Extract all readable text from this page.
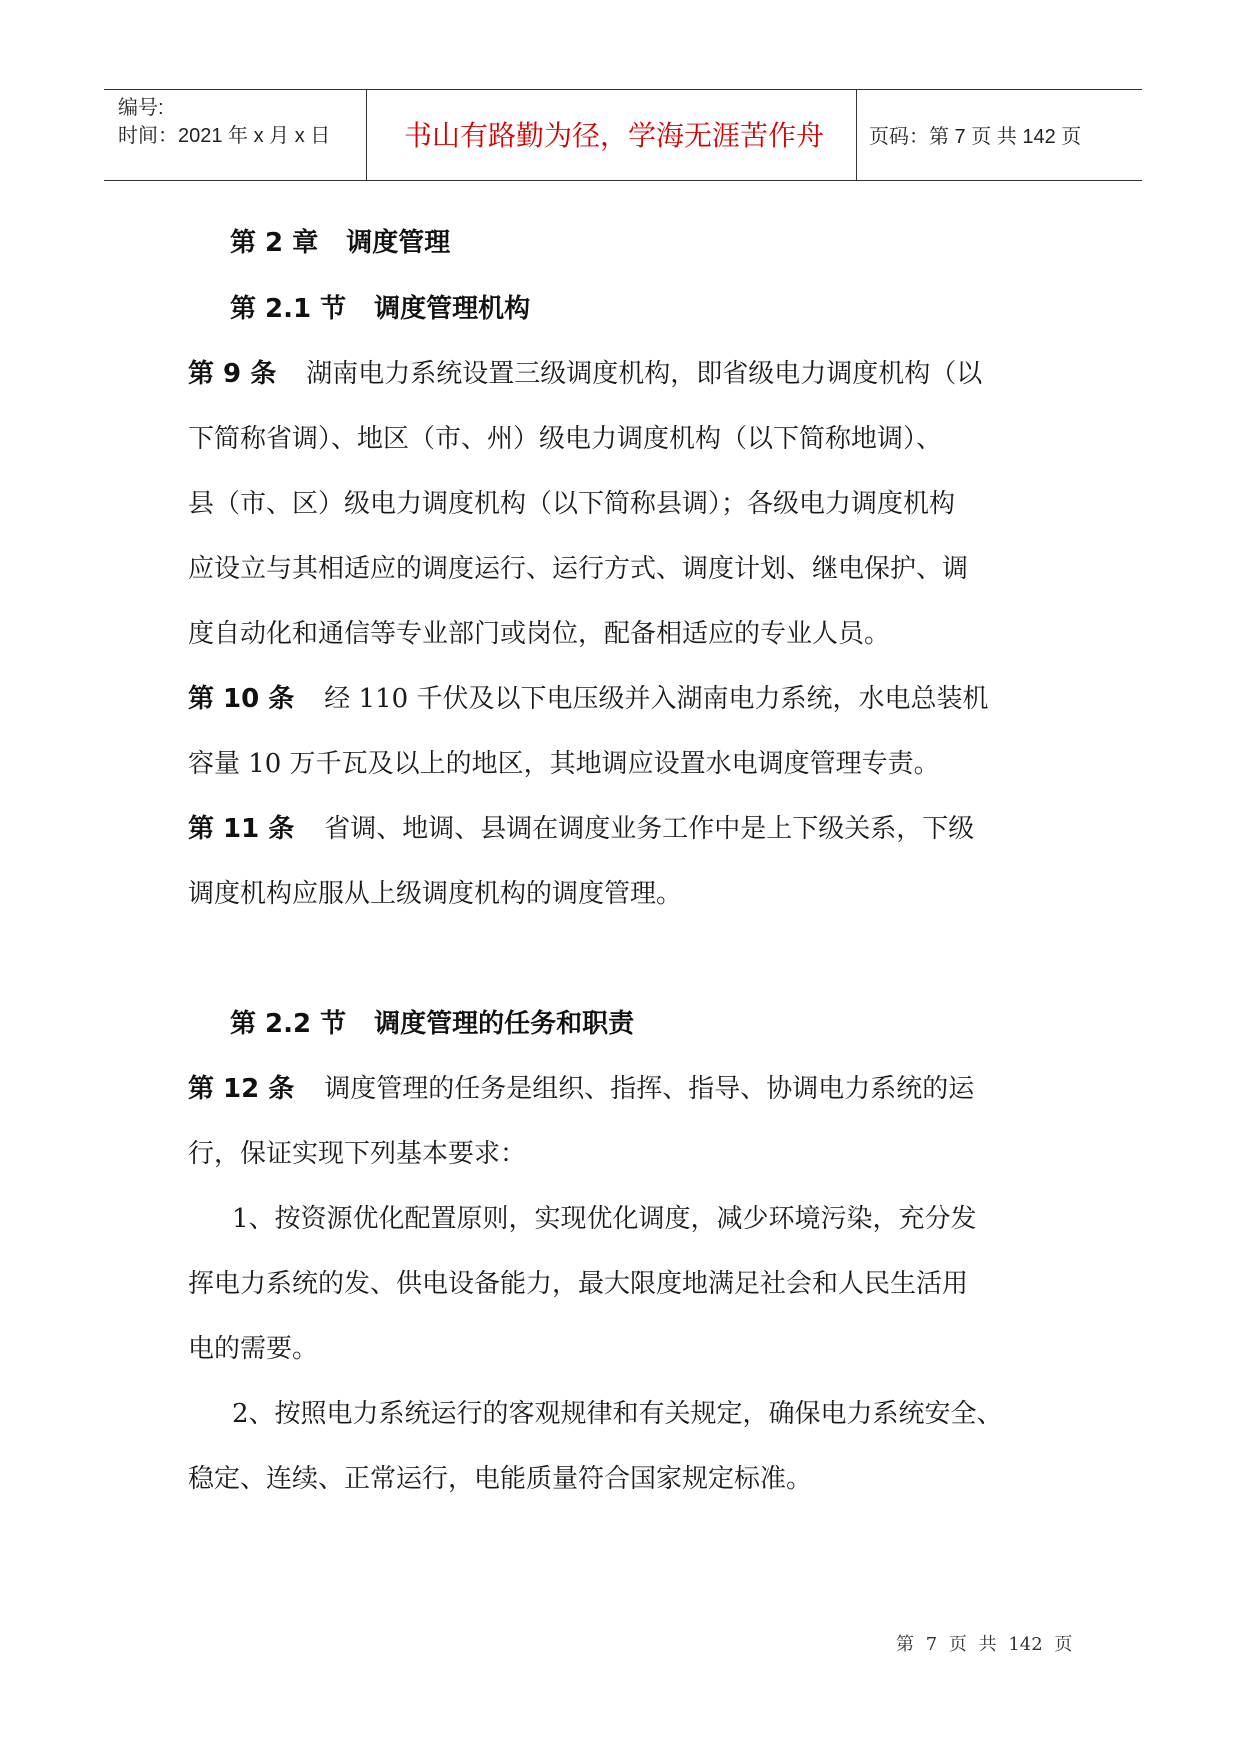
编号:
时间：2021 年 x 月 x 日	书山有路勤为径，学海无涯苦作舟	页码：第 7 页 共 142 页
第 2 章 调度管理
第 2.1 节 调度管理机构
第 9 条 湖南电力系统设置三级调度机构，即省级电力调度机构（以
下简称省调）、地区（市、州）级电力调度机构（以下简称地调）、
县（市、区）级电力调度机构（以下简称县调）；各级电力调度机构
应设立与其相适应的调度运行、运行方式、调度计划、继电保护、调
度自动化和通信等专业部门或岗位，配备相适应的专业人员。
第 10 条 经 110 千伏及以下电压级并入湖南电力系统，水电总装机
容量 10 万千瓦及以上的地区，其地调应设置水电调度管理专责。
第 11 条 省调、地调、县调在调度业务工作中是上下级关系，下级
调度机构应服从上级调度机构的调度管理。
第 2.2 节 调度管理的任务和职责
第 12 条 调度管理的任务是组织、指挥、指导、协调电力系统的运
行，保证实现下列基本要求：
1、按资源优化配置原则，实现优化调度，减少环境污染，充分发
挥电力系统的发、供电设备能力，最大限度地满足社会和人民生活用
电的需要。
2、按照电力系统运行的客观规律和有关规定，确保电力系统安全、
稳定、连续、正常运行，电能质量符合国家规定标准。
第 7 页 共 142 页
